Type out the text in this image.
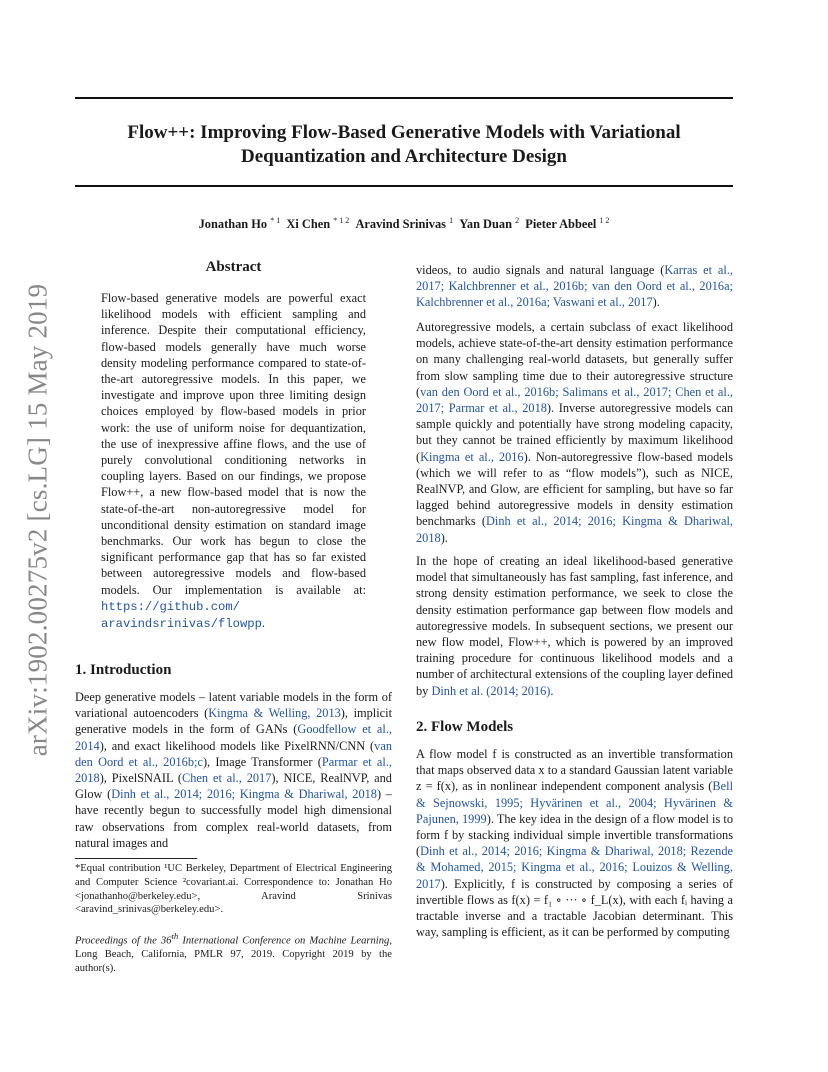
Flow++: Improving Flow-Based Generative Models with Variational
Dequantization and Architecture Design
Jonathan Ho $^{* 1}$ Xi Chen $^{* 1 2}$ Aravind Srinivas $^1$ Yan Duan $^2$ Pieter Abbeel $^{1 2}$
arXiv:1902.00275v2 [cs.LG] 15 May 2019
Abstract

Flow-based generative models are powerful exact likelihood models with efficient sampling and inference. Despite their computational efficiency, flow-based models generally have much worse density modeling performance compared to state-of-the-art autoregressive models. In this paper, we investigate and improve upon three limiting design choices employed by flow-based models in prior work: the use of uniform noise for dequantization, the use of inexpressive affine flows, and the use of purely convolutional conditioning networks in coupling layers. Based on our findings, we propose Flow++, a new flow-based model that is now the state-of-the-art non-autoregressive model for unconditional density estimation on standard image benchmarks. Our work has begun to close the significant performance gap that has so far existed between autoregressive models and flow-based models. Our implementation is available at: https://github.com/ aravindsrinivas/flowpp.

1. Introduction

Deep generative models – latent variable models in the form of variational autoencoders (Kingma & Welling, 2013), implicit generative models in the form of GANs (Goodfellow et al., 2014), and exact likelihood models like PixelRNN/CNN (van den Oord et al., 2016b;c), Image Transformer (Parmar et al., 2018), PixelSNAIL (Chen et al., 2017), NICE, RealNVP, and Glow (Dinh et al., 2014; 2016; Kingma & Dhariwal, 2018) – have recently begun to successfully model high dimensional raw observations from complex real-world datasets, from natural images and

*Equal contribution ¹UC Berkeley, Department of Electrical Engineering and Computer Science ²covariant.ai. Correspondence to: Jonathan Ho <jonathanho@berkeley.edu>, Aravind Srinivas <aravind_srinivas@berkeley.edu>.
Proceedings of the 36th International Conference on Machine Learning, Long Beach, California, PMLR 97, 2019. Copyright 2019 by the author(s).

videos, to audio signals and natural language (Karras et al., 2017; Kalchbrenner et al., 2016b; van den Oord et al., 2016a; Kalchbrenner et al., 2016a; Vaswani et al., 2017).

Autoregressive models, a certain subclass of exact likelihood models, achieve state-of-the-art density estimation performance on many challenging real-world datasets, but generally suffer from slow sampling time due to their autoregressive structure (van den Oord et al., 2016b; Salimans et al., 2017; Chen et al., 2017; Parmar et al., 2018). Inverse autoregressive models can sample quickly and potentially have strong modeling capacity, but they cannot be trained efficiently by maximum likelihood (Kingma et al., 2016). Non-autoregressive flow-based models (which we will refer to as “flow models”), such as NICE, RealNVP, and Glow, are efficient for sampling, but have so far lagged behind autoregressive models in density estimation benchmarks (Dinh et al., 2014; 2016; Kingma & Dhariwal, 2018).

In the hope of creating an ideal likelihood-based generative model that simultaneously has fast sampling, fast inference, and strong density estimation performance, we seek to close the density estimation performance gap between flow models and autoregressive models. In subsequent sections, we present our new flow model, Flow++, which is powered by an improved training procedure for continuous likelihood models and a number of architectural extensions of the coupling layer defined by Dinh et al. (2014; 2016).

2. Flow Models

A flow model f is constructed as an invertible transformation that maps observed data x to a standard Gaussian latent variable z = f(x), as in nonlinear independent component analysis (Bell & Sejnowski, 1995; Hyvärinen et al., 2004; Hyvärinen & Pajunen, 1999). The key idea in the design of a flow model is to form f by stacking individual simple invertible transformations (Dinh et al., 2014; 2016; Kingma & Dhariwal, 2018; Rezende & Mohamed, 2015; Kingma et al., 2016; Louizos & Welling, 2017). Explicitly, f is constructed by composing a series of invertible flows as f(x) = f₁ ∘ ··· ∘ f_L(x), with each fᵢ having a tractable inverse and a tractable Jacobian determinant. This way, sampling is efficient, as it can be performed by computing
